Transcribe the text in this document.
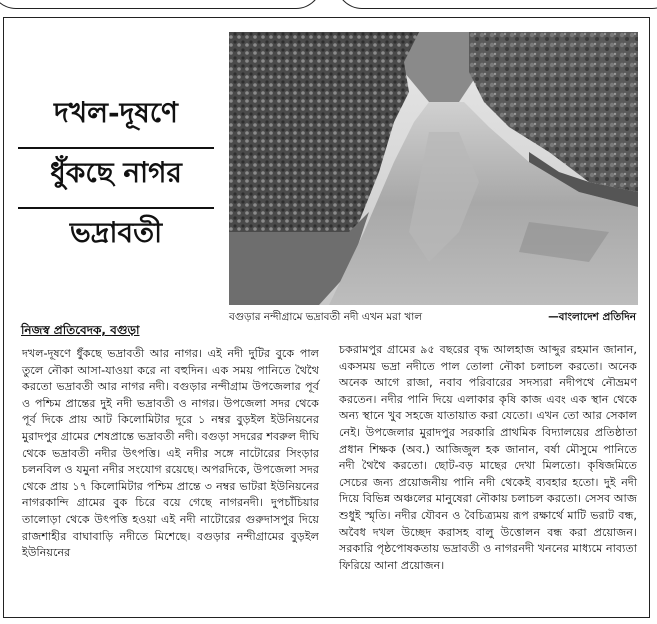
দখল-দূষণে
ধুঁকছে নাগর
ভদ্রাবতী
বগুড়ার নন্দীগ্রামে ভদ্রাবতী নদী এখন মরা খাল	—বাংলাদেশ প্রতিদিন
নিজস্ব প্রতিবেদক, বগুড়া

দখল-দূষণে ধুঁকছে ভদ্রাবতী আর নাগর। এই নদী দুটির বুকে পাল তুলে নৌকা আসা-যাওয়া করে না বহুদিন। এক সময় পানিতে থৈথৈ করতো ভদ্রাবতী আর নাগর নদী। বগুড়ার নন্দীগ্রাম উপজেলার পূর্ব ও পশ্চিম প্রান্তের দুই নদী ভদ্রাবতী ও নাগর। উপজেলা সদর থেকে পূর্ব দিকে প্রায় আট কিলোমিটার দূরে ১ নম্বর বুড়ইল ইউনিয়নের মুরাদপুর গ্রামের শেষপ্রান্তে ভদ্রাবতী নদী। বগুড়া সদরের শবরুল দীঘি থেকে ভদ্রাবতী নদীর উৎপত্তি। এই নদীর সঙ্গে নাটোরের সিংড়ার চলনবিল ও যমুনা নদীর সংযোগ রয়েছে। অপরদিকে, উপজেলা সদর থেকে প্রায় ১৭ কিলোমিটার পশ্চিম প্রান্তে ৩ নম্বর ভাটরা ইউনিয়নের নাগরকান্দি গ্রামের বুক চিরে বয়ে গেছে নাগরনদী। দুপচাঁচিয়ার তালোড়া থেকে উৎপত্তি হওয়া এই নদী নাটোরের গুরুদাসপুর দিয়ে রাজশাহীর বাঘাবাড়ি নদীতে মিশেছে। বগুড়ার নন্দীগ্রামের বুড়ইল ইউনিয়নের

চকরামপুর গ্রামের ৯৫ বছরের বৃদ্ধ আলহাজ আব্দুর রহমান জানান, একসময় ভদ্রা নদীতে পাল তোলা নৌকা চলাচল করতো। অনেক অনেক আগে রাজা, নবাব পরিবারের সদস্যরা নদীপথে নৌভ্রমণ করতেন। নদীর পানি দিয়ে এলাকার কৃষি কাজ এবং এক স্থান থেকে অন্য স্থানে খুব সহজে যাতায়াত করা যেতো। এখন তো আর সেকাল নেই। উপজেলার মুরাদপুর সরকারি প্রাথমিক বিদ্যালয়ের প্রতিষ্ঠাতা প্রধান শিক্ষক (অব.) আজিজুল হক জানান, বর্ষা মৌসুমে পানিতে নদী থৈথৈ করতো। ছোট-বড় মাছের দেখা মিলতো। কৃষিজমিতে সেচের জন্য প্রয়োজনীয় পানি নদী থেকেই ব্যবহার হতো। দুই নদী দিয়ে বিভিন্ন অঞ্চলের মানুষেরা নৌকায় চলাচল করতো। সেসব আজ শুধুই স্মৃতি। নদীর যৌবন ও বৈচিত্র্যময় রূপ রক্ষার্থে মাটি ভরাট বন্ধ, অবৈধ দখল উচ্ছেদ করাসহ বালু উত্তোলন বন্ধ করা প্রয়োজন। সরকারি পৃষ্ঠপোষকতায় ভদ্রাবতী ও নাগরনদী খননের মাধ্যমে নাব্যতা ফিরিয়ে আনা প্রয়োজন।
